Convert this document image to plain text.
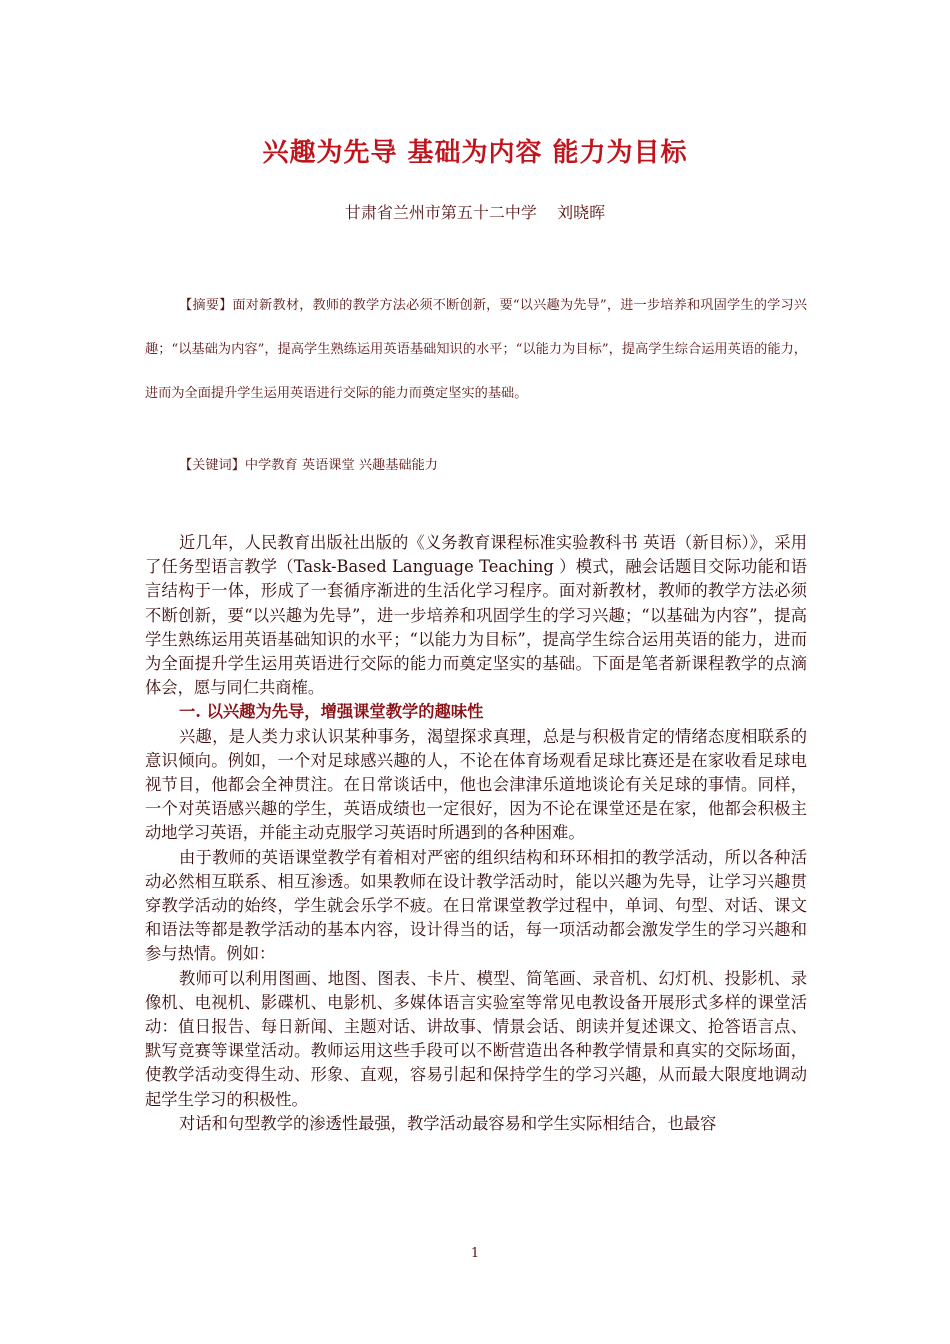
兴趣为先导 基础为内容 能力为目标
甘肃省兰州市第五十二中学    刘晓晖

【摘要】面对新教材，教师的教学方法必须不断创新，要“以兴趣为先导”，进一步培养和巩固学生的学习兴趣；“以基础为内容”，提高学生熟练运用英语基础知识的水平；“以能力为目标”，提高学生综合运用英语的能力，进而为全面提升学生运用英语进行交际的能力而奠定坚实的基础。

【关键词】中学教育 英语课堂 兴趣基础能力

近几年，人民教育出版社出版的《义务教育课程标准实验教科书 英语（新目标）》，采用了任务型语言教学（Task-Based Language Teaching ）模式，融会话题目交际功能和语言结构于一体，形成了一套循序渐进的生活化学习程序。面对新教材，教师的教学方法必须不断创新，要“以兴趣为先导”，进一步培养和巩固学生的学习兴趣；“以基础为内容”，提高学生熟练运用英语基础知识的水平；“以能力为目标”，提高学生综合运用英语的能力，进而为全面提升学生运用英语进行交际的能力而奠定坚实的基础。下面是笔者新课程教学的点滴体会，愿与同仁共商榷。

一. 以兴趣为先导，增强课堂教学的趣味性

兴趣，是人类力求认识某种事务，渴望探求真理，总是与积极肯定的情绪态度相联系的意识倾向。例如，一个对足球感兴趣的人，不论在体育场观看足球比赛还是在家收看足球电视节目，他都会全神贯注。在日常谈话中，他也会津津乐道地谈论有关足球的事情。同样，一个对英语感兴趣的学生，英语成绩也一定很好，因为不论在课堂还是在家，他都会积极主动地学习英语，并能主动克服学习英语时所遇到的各种困难。

由于教师的英语课堂教学有着相对严密的组织结构和环环相扣的教学活动，所以各种活动必然相互联系、相互渗透。如果教师在设计教学活动时，能以兴趣为先导，让学习兴趣贯穿教学活动的始终，学生就会乐学不疲。在日常课堂教学过程中，单词、句型、对话、课文和语法等都是教学活动的基本内容，设计得当的话，每一项活动都会激发学生的学习兴趣和参与热情。例如：

教师可以利用图画、地图、图表、卡片、模型、简笔画、录音机、幻灯机、投影机、录像机、电视机、影碟机、电影机、多媒体语言实验室等常见电教设备开展形式多样的课堂活动：值日报告、每日新闻、主题对话、讲故事、情景会话、朗读并复述课文、抢答语言点、默写竞赛等课堂活动。教师运用这些手段可以不断营造出各种教学情景和真实的交际场面，使教学活动变得生动、形象、直观，容易引起和保持学生的学习兴趣，从而最大限度地调动起学生学习的积极性。

对话和句型教学的渗透性最强，教学活动最容易和学生实际相结合，也最容

1
